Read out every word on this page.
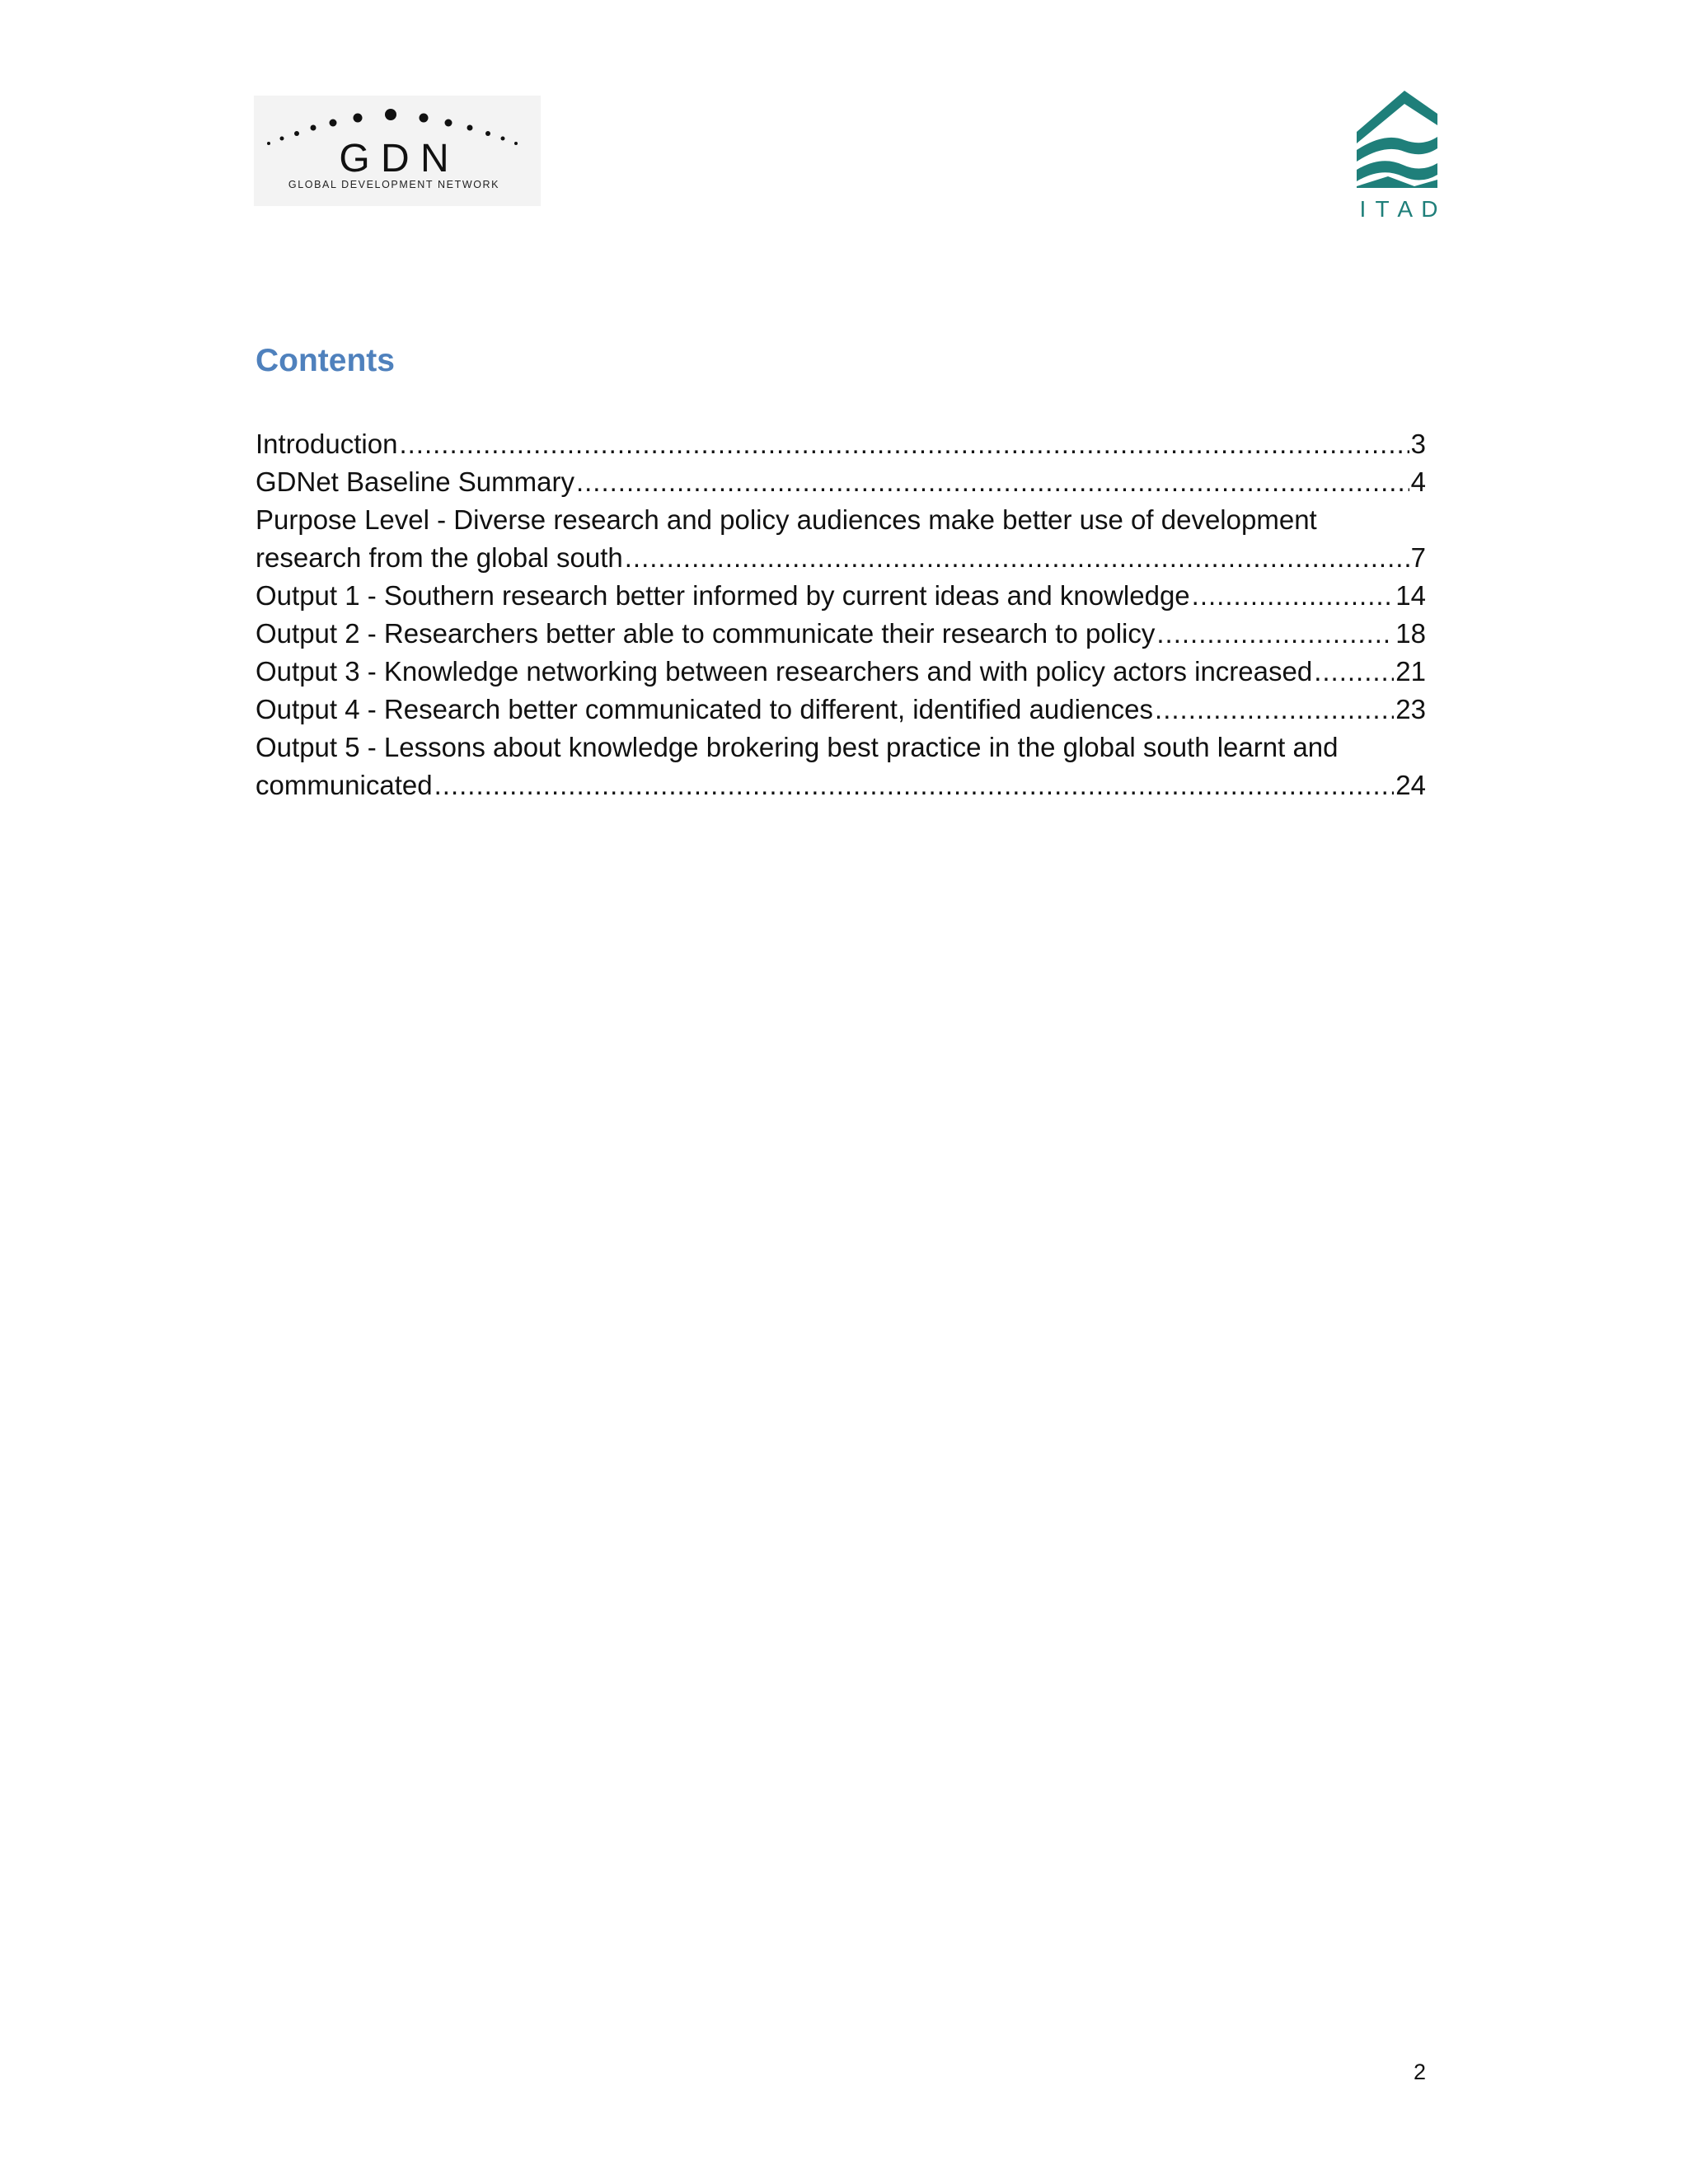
G D N
GLOBAL DEVELOPMENT NETWORK
I T A D
Contents
Introduction .....	3
GDNet Baseline Summary .....	4
Purpose Level - Diverse research and policy audiences make better use of development
research from the global south .....	7
Output 1 - Southern research better informed by current ideas and knowledge .....	14
Output 2 - Researchers better able to communicate their research to policy .....	18
Output 3 - Knowledge networking between researchers and with policy actors increased .....	21
Output 4 - Research better communicated to different, identified audiences .....	23
Output 5 - Lessons about knowledge brokering best practice in the global south learnt and
communicated .....	24
2
